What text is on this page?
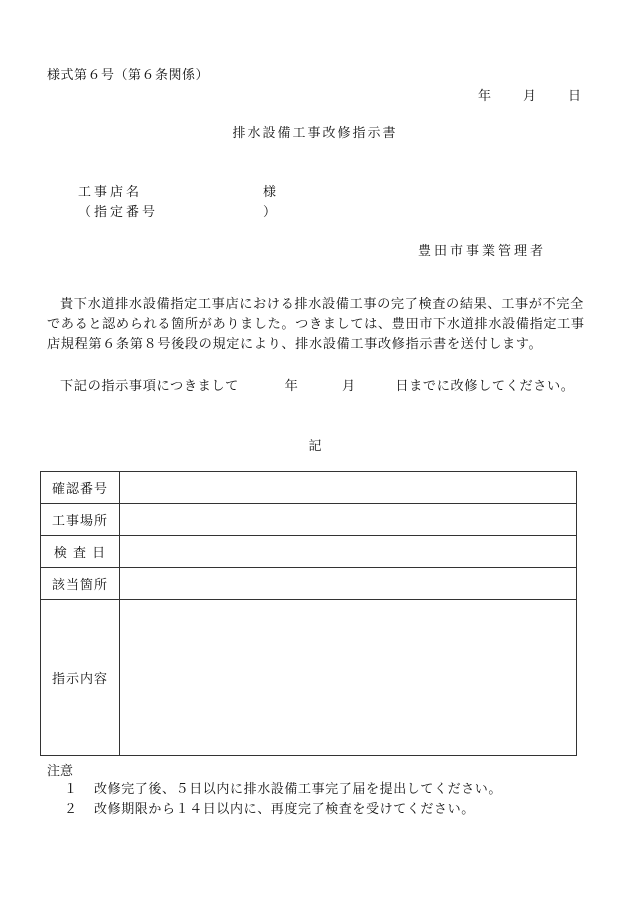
様式第６号（第６条関係）
年 月 日
排水設備工事改修指示書
工事店名	様
（指定番号	）
豊田市事業管理者

貴下水道排水設備指定工事店における排水設備工事の完了検査の結果、工事が不完全であると認められる箇所がありました。つきましては、豊田市下水道排水設備指定工事店規程第６条第８号後段の規定により、排水設備工事改修指示書を送付します。

下記の指示事項につきまして	年	月	日までに改修してください。
記
確認番号	
工事場所	
検 査 日	
該当箇所	
指示内容	
注意
１ 改修完了後、５日以内に排水設備工事完了届を提出してください。
２ 改修期限から１４日以内に、再度完了検査を受けてください。
